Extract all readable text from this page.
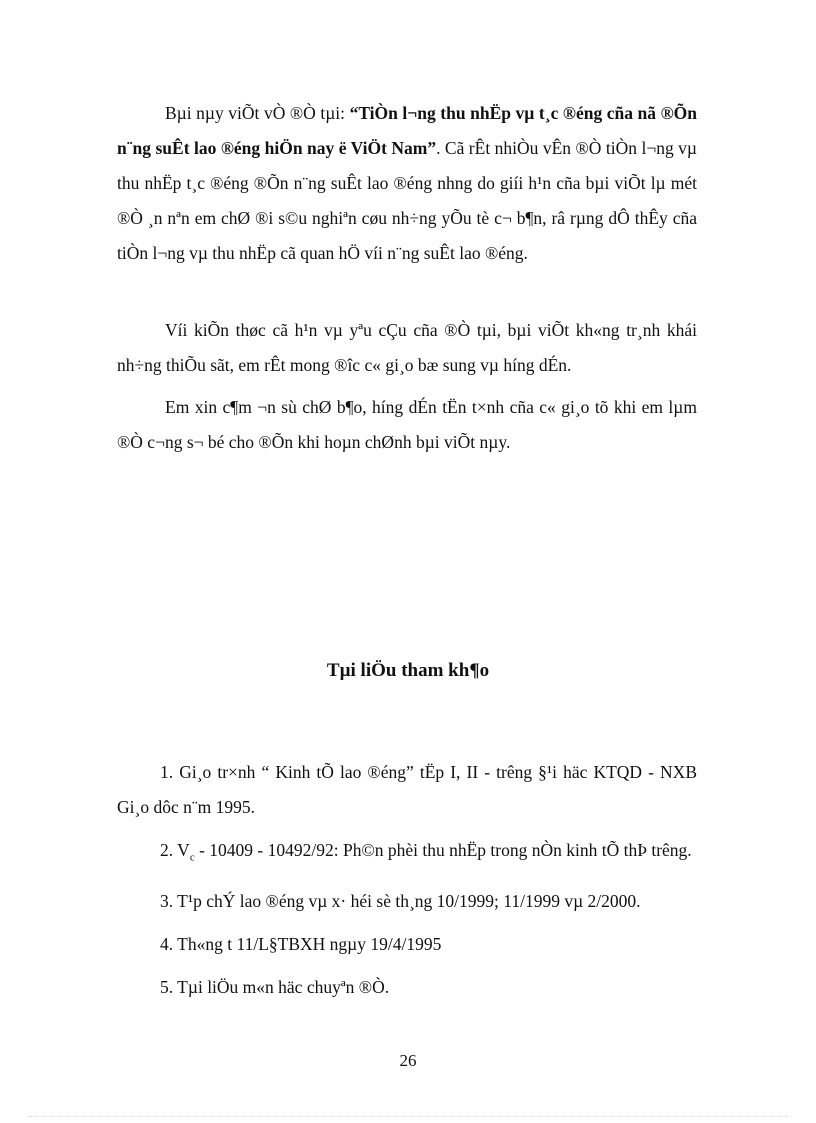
Bµi nµy viÕt vÒ ®Ò tµi: “TiÒn l¬ng thu nhËp vµ t¸c ®éng cña nã ®Õn n¨ng suÊt lao ®éng hiÖn nay ë ViÖt Nam”. Cã rÊt nhiÒu vÊn ®Ò tiÒn l¬ng vµ thu nhËp t¸c ®éng ®Õn n¨ng suÊt lao ®éng nhng do giíi h¹n cña bµi viÕt lµ mét ®Ò ¸n nªn em chØ ®i s©u nghiªn cøu nh÷ng yÕu tè c¬ b¶n, râ rµng dÔ thÊy cña tiÒn l¬ng vµ thu nhËp cã quan hÖ víi n¨ng suÊt lao ®éng.

Víi kiÕn thøc cã h¹n vµ yªu cÇu cña ®Ò tµi, bµi viÕt kh«ng tr¸nh khái nh÷ng thiÕu sãt, em rÊt mong ®îc c« gi¸o bæ sung vµ híng dÉn.

Em xin c¶m ¬n sù chØ b¶o, híng dÉn tËn t×nh cña c« gi¸o tõ khi em lµm ®Ò c¬ng s¬ bé cho ®Õn khi hoµn chØnh bµi viÕt nµy.

Tµi liÖu tham kh¶o

1. Gi¸o tr×nh “ Kinh tÕ lao ®éng” tËp I, II - trêng §¹i häc KTQD - NXB Gi¸o dôc n¨m 1995.

2. $V_c - 10409 - 10492/92$: Ph©n phèi thu nhËp trong nÒn kinh tÕ thÞ trêng.

3. T¹p chÝ lao ®éng vµ x· héi sè th¸ng 10/1999; 11/1999 vµ 2/2000.

4. Th«ng t 11/L§TBXH ngµy 19/4/1995

5. Tµi liÖu m«n häc chuyªn ®Ò.

26
